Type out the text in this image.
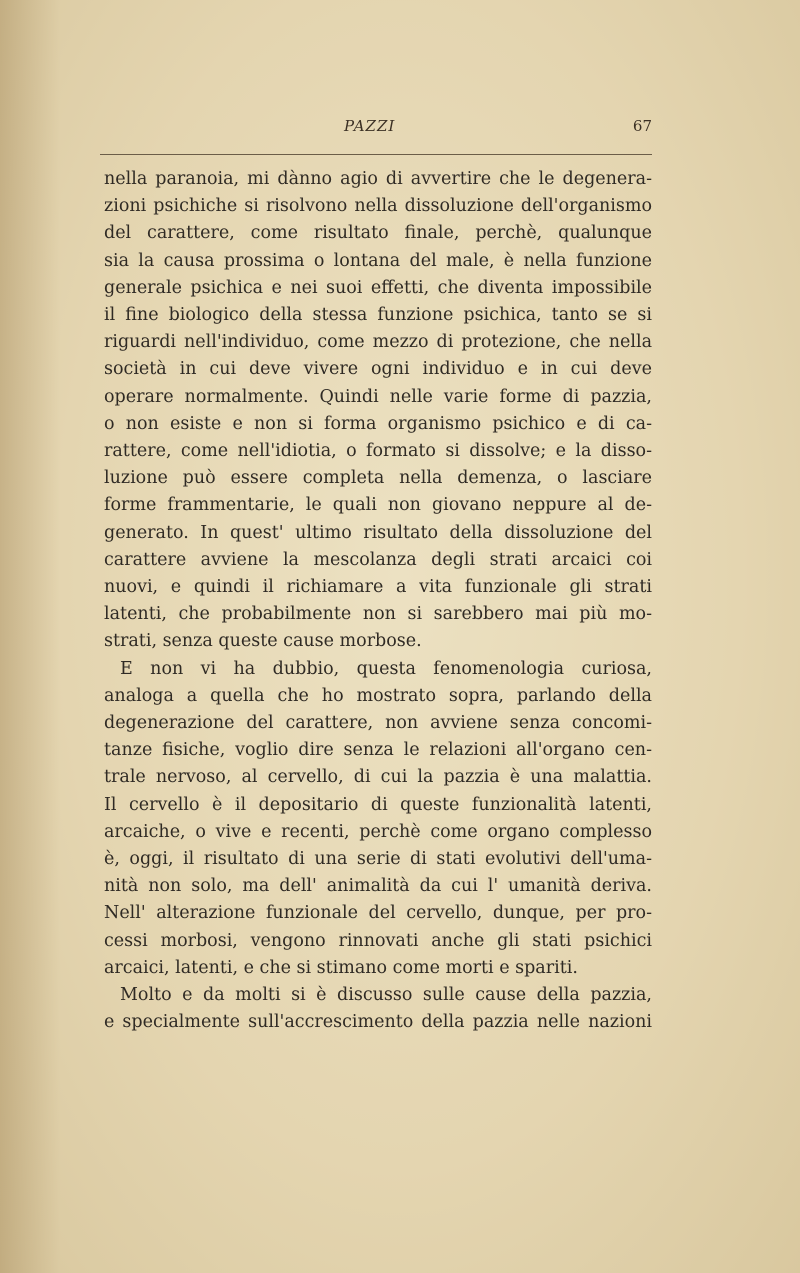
PAZZI	67
nella paranoia, mi dànno agio di avvertire che le degenera-
zioni psichiche si risolvono nella dissoluzione dell'organismo
del carattere, come risultato finale, perchè, qualunque
sia la causa prossima o lontana del male, è nella funzione
generale psichica e nei suoi effetti, che diventa impossibile
il fine biologico della stessa funzione psichica, tanto se si
riguardi nell'individuo, come mezzo di protezione, che nella
società in cui deve vivere ogni individuo e in cui deve
operare normalmente. Quindi nelle varie forme di pazzia,
o non esiste e non si forma organismo psichico e di ca-
rattere, come nell'idiotia, o formato si dissolve; e la disso-
luzione può essere completa nella demenza, o lasciare
forme frammentarie, le quali non giovano neppure al de-
generato. In quest' ultimo risultato della dissoluzione del
carattere avviene la mescolanza degli strati arcaici coi
nuovi, e quindi il richiamare a vita funzionale gli strati
latenti, che probabilmente non si sarebbero mai più mo-
strati, senza queste cause morbose.
E non vi ha dubbio, questa fenomenologia curiosa,
analoga a quella che ho mostrato sopra, parlando della
degenerazione del carattere, non avviene senza concomi-
tanze fisiche, voglio dire senza le relazioni all'organo cen-
trale nervoso, al cervello, di cui la pazzia è una malattia.
Il cervello è il depositario di queste funzionalità latenti,
arcaiche, o vive e recenti, perchè come organo complesso
è, oggi, il risultato di una serie di stati evolutivi dell'uma-
nità non solo, ma dell' animalità da cui l' umanità deriva.
Nell' alterazione funzionale del cervello, dunque, per pro-
cessi morbosi, vengono rinnovati anche gli stati psichici
arcaici, latenti, e che si stimano come morti e spariti.
Molto e da molti si è discusso sulle cause della pazzia,
e specialmente sull'accrescimento della pazzia nelle nazioni
